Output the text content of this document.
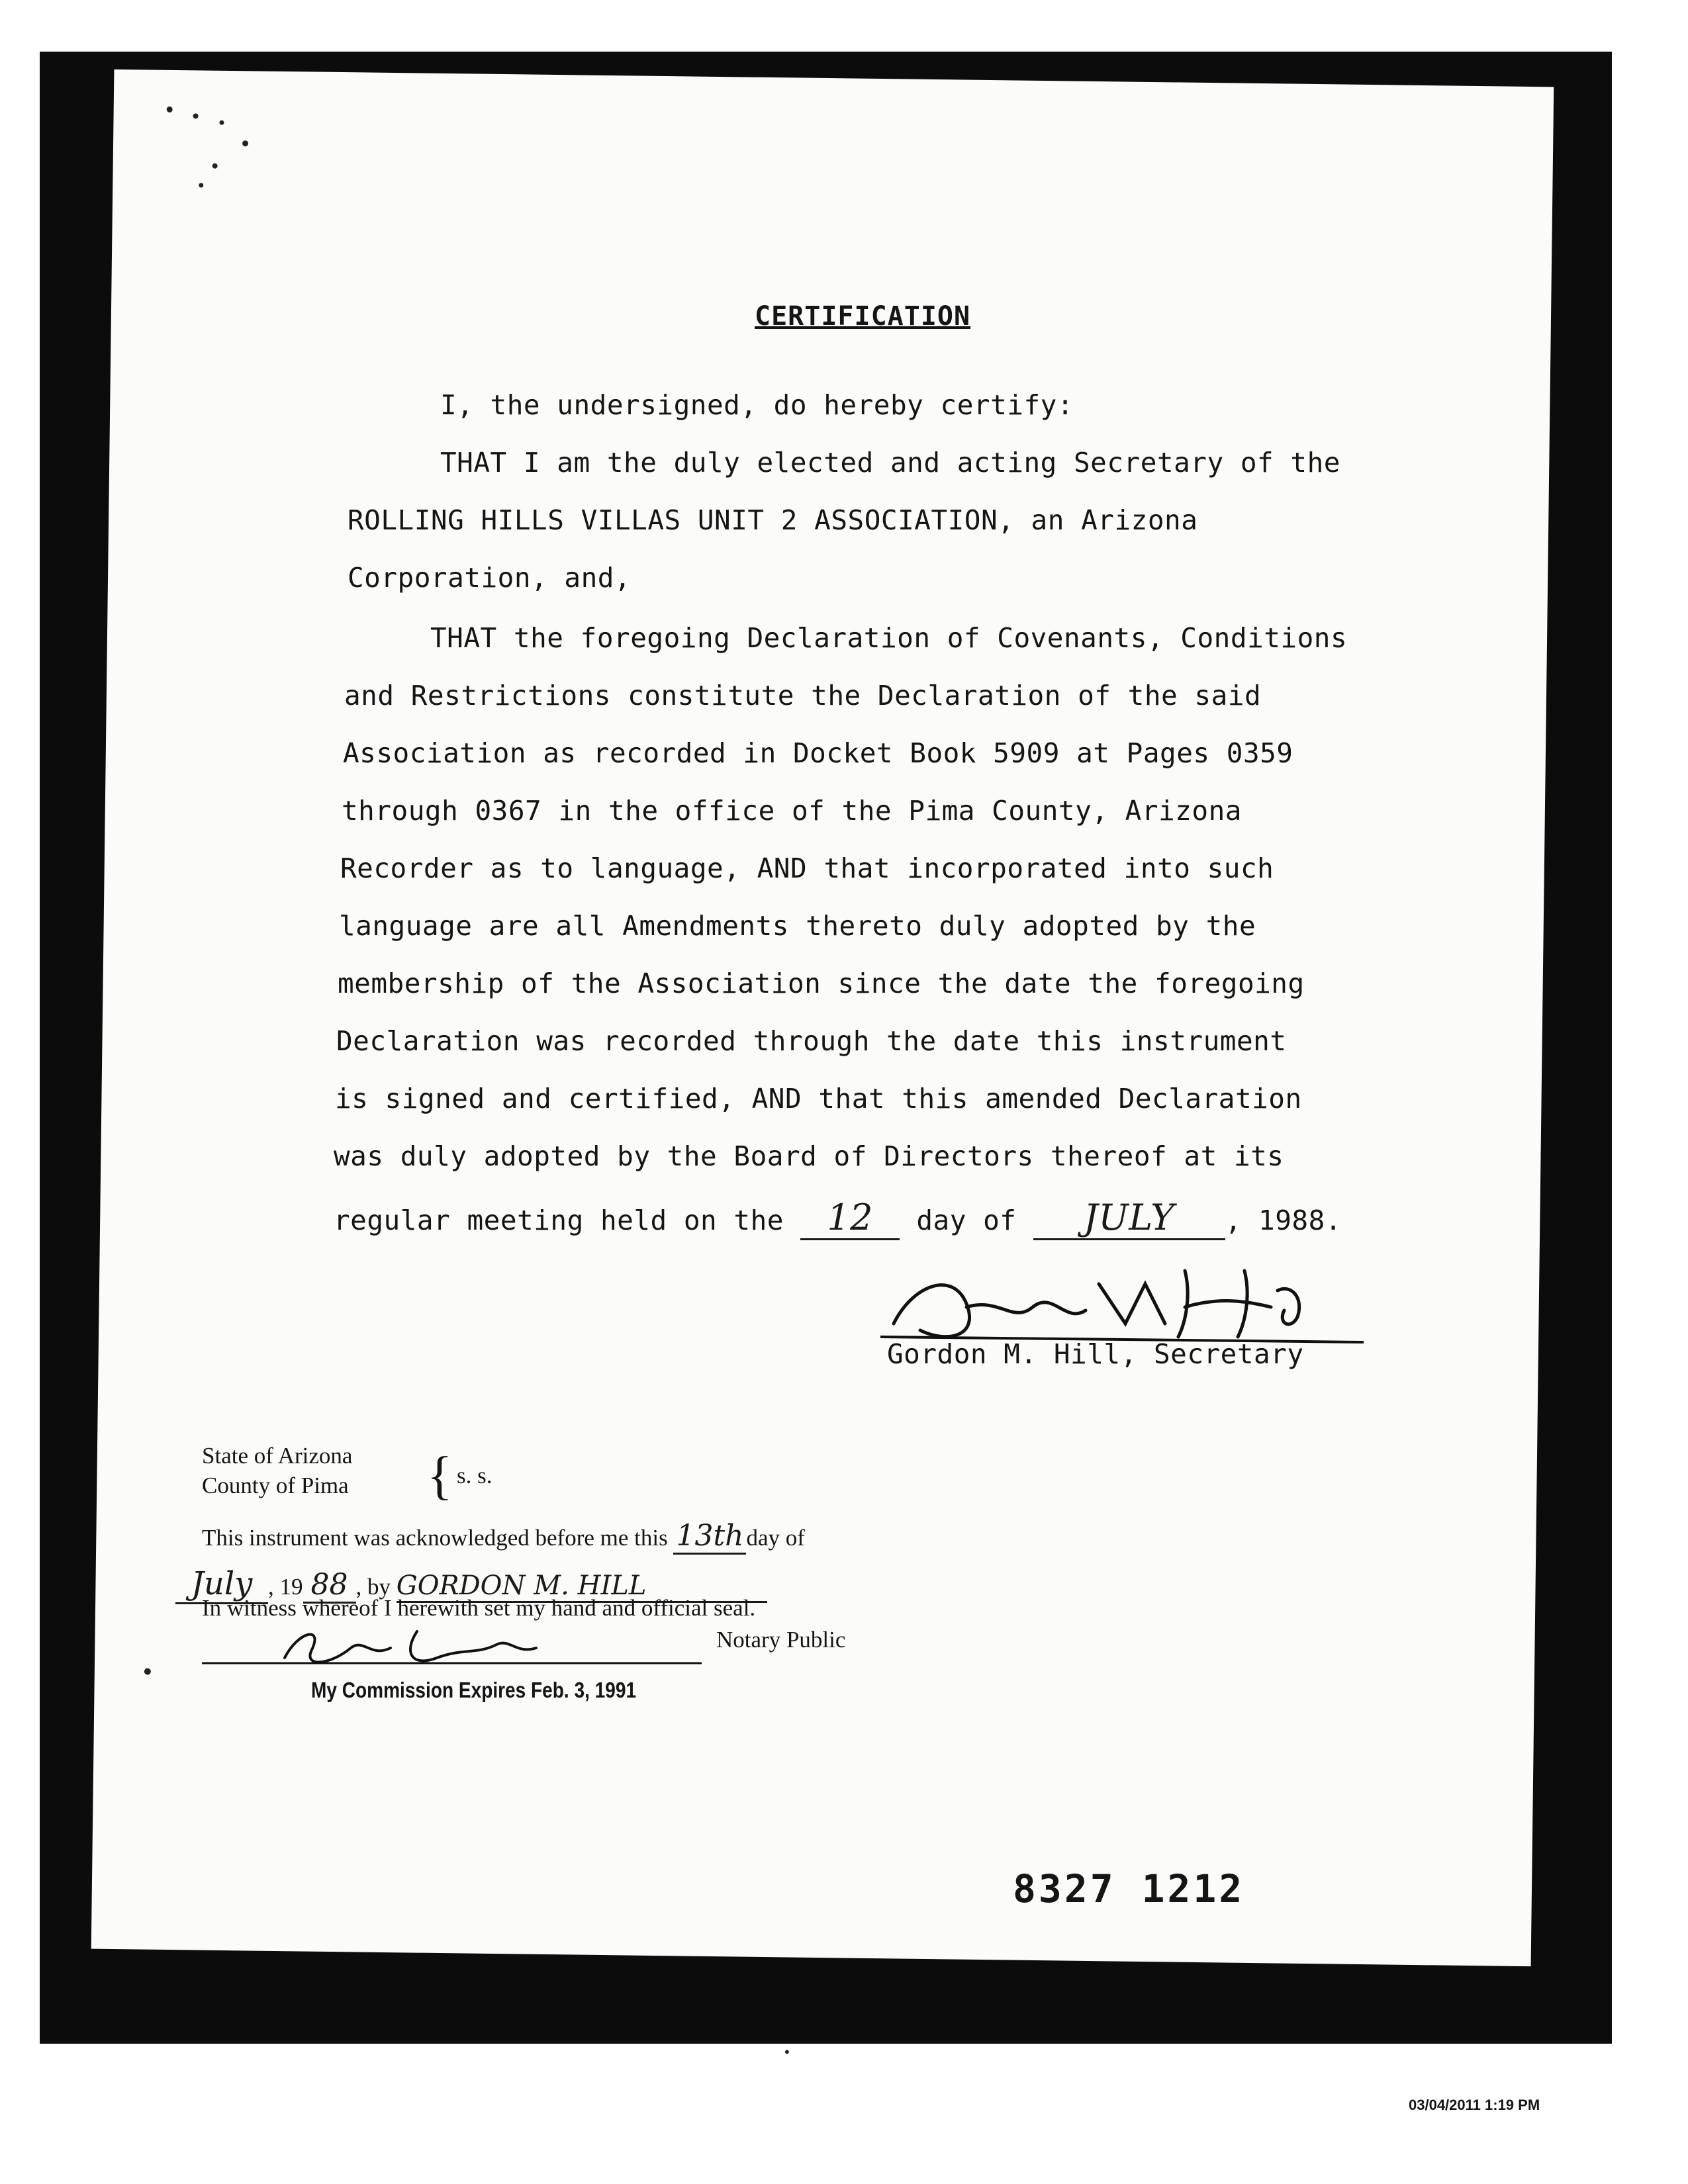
CERTIFICATION
I, the undersigned, do hereby certify:
THAT I am the duly elected and acting Secretary of the
ROLLING HILLS VILLAS UNIT 2 ASSOCIATION, an Arizona
Corporation, and,
THAT the foregoing Declaration of Covenants, Conditions
and Restrictions constitute the Declaration of the said
Association as recorded in Docket Book 5909 at Pages 0359
through 0367 in the office of the Pima County, Arizona
Recorder as to language, AND that incorporated into such
language are all Amendments thereto duly adopted by the
membership of the Association since the date the foregoing
Declaration was recorded through the date this instrument
is signed and certified, AND that this amended Declaration
was duly adopted by the Board of Directors thereof at its
regular meeting held on the 12 day of JULY , 1988.
Gordon M. Hill, Secretary
State of Arizona
County of Pima { s. s.
This instrument was acknowledged before me this 13th day of
July , 19 88 , by GORDON M. HILL
In witness whereof I herewith set my hand and official seal.
Notary Public
My Commission Expires Feb. 3, 1991
8327 1212
03/04/2011 1:19 PM
